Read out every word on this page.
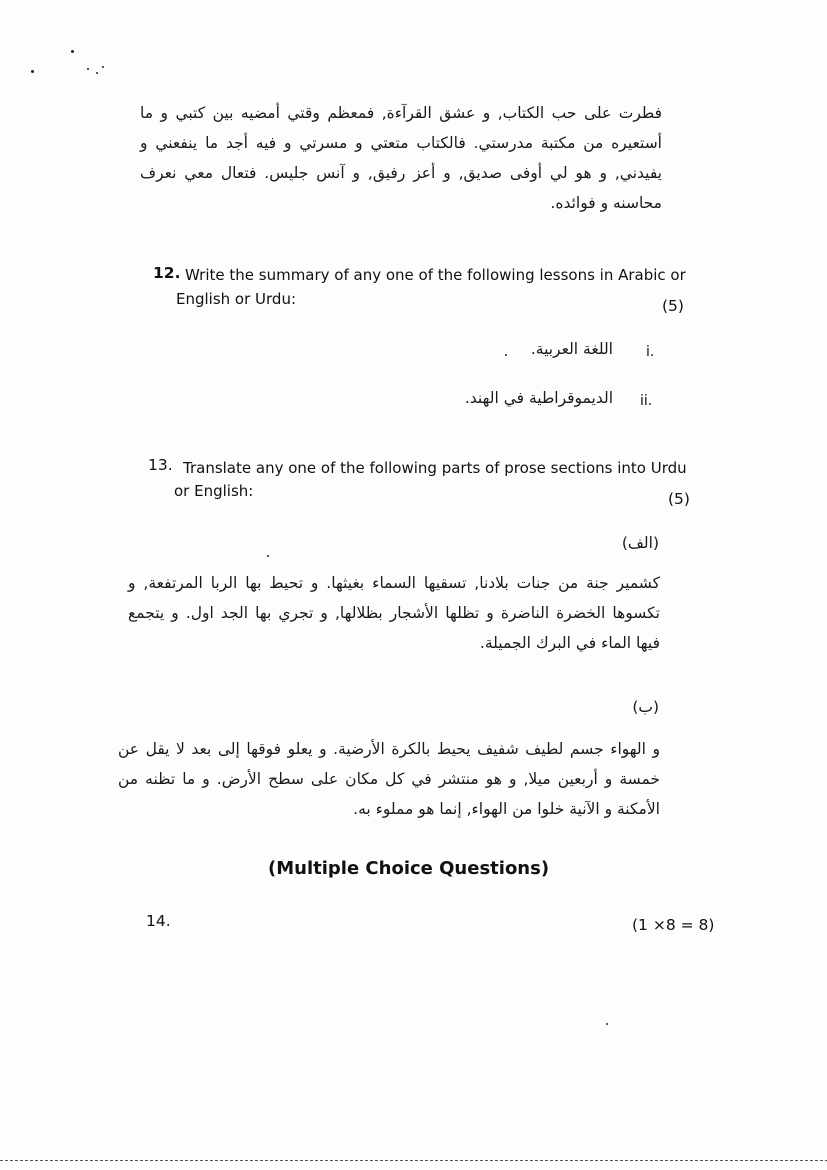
فطرت على حب الكتاب, و عشق القرآءة, فمعظم وقتي أمضيه بين كتبي و ما أستعيره من مكتبة مدرستي. فالكتاب متعتي و مسرتي و فيه أجد ما ينفعني و يفيدني, و هو لي أوفى صديق, و أعز رفيق, و آنس جليس. فتعال معي نعرف محاسنه و فوائده.
12. Write the summary of any one of the following lessons in Arabic or
English or Urdu:	(5)
اللغة العربية. i.
الديموقراطية في الهند. ii.
13. Translate any one of the following parts of prose sections into Urdu
or English:	(5)
(الف)
كشمير جنة من جنات بلادنا, تسقيها السماء بغيثها. و تحيط بها الربا المرتفعة, و تكسوها الخضرة الناضرة و تظلها الأشجار بظلالها, و تجري بها الجد اول. و يتجمع فيها الماء في البرك الجميلة.
(ب)
و الهواء جسم لطيف شفيف يحيط بالكرة الأرضية. و يعلو فوقها إلى بعد لا يقل عن خمسة و أربعين ميلا, و هو منتشر في كل مكان على سطح الأرض. و ما تظنه من الأمكنة و الآنية خلوا من الهواء, إنما هو مملوء به.
(Multiple Choice Questions)
14.	(1 ×8 = 8)
